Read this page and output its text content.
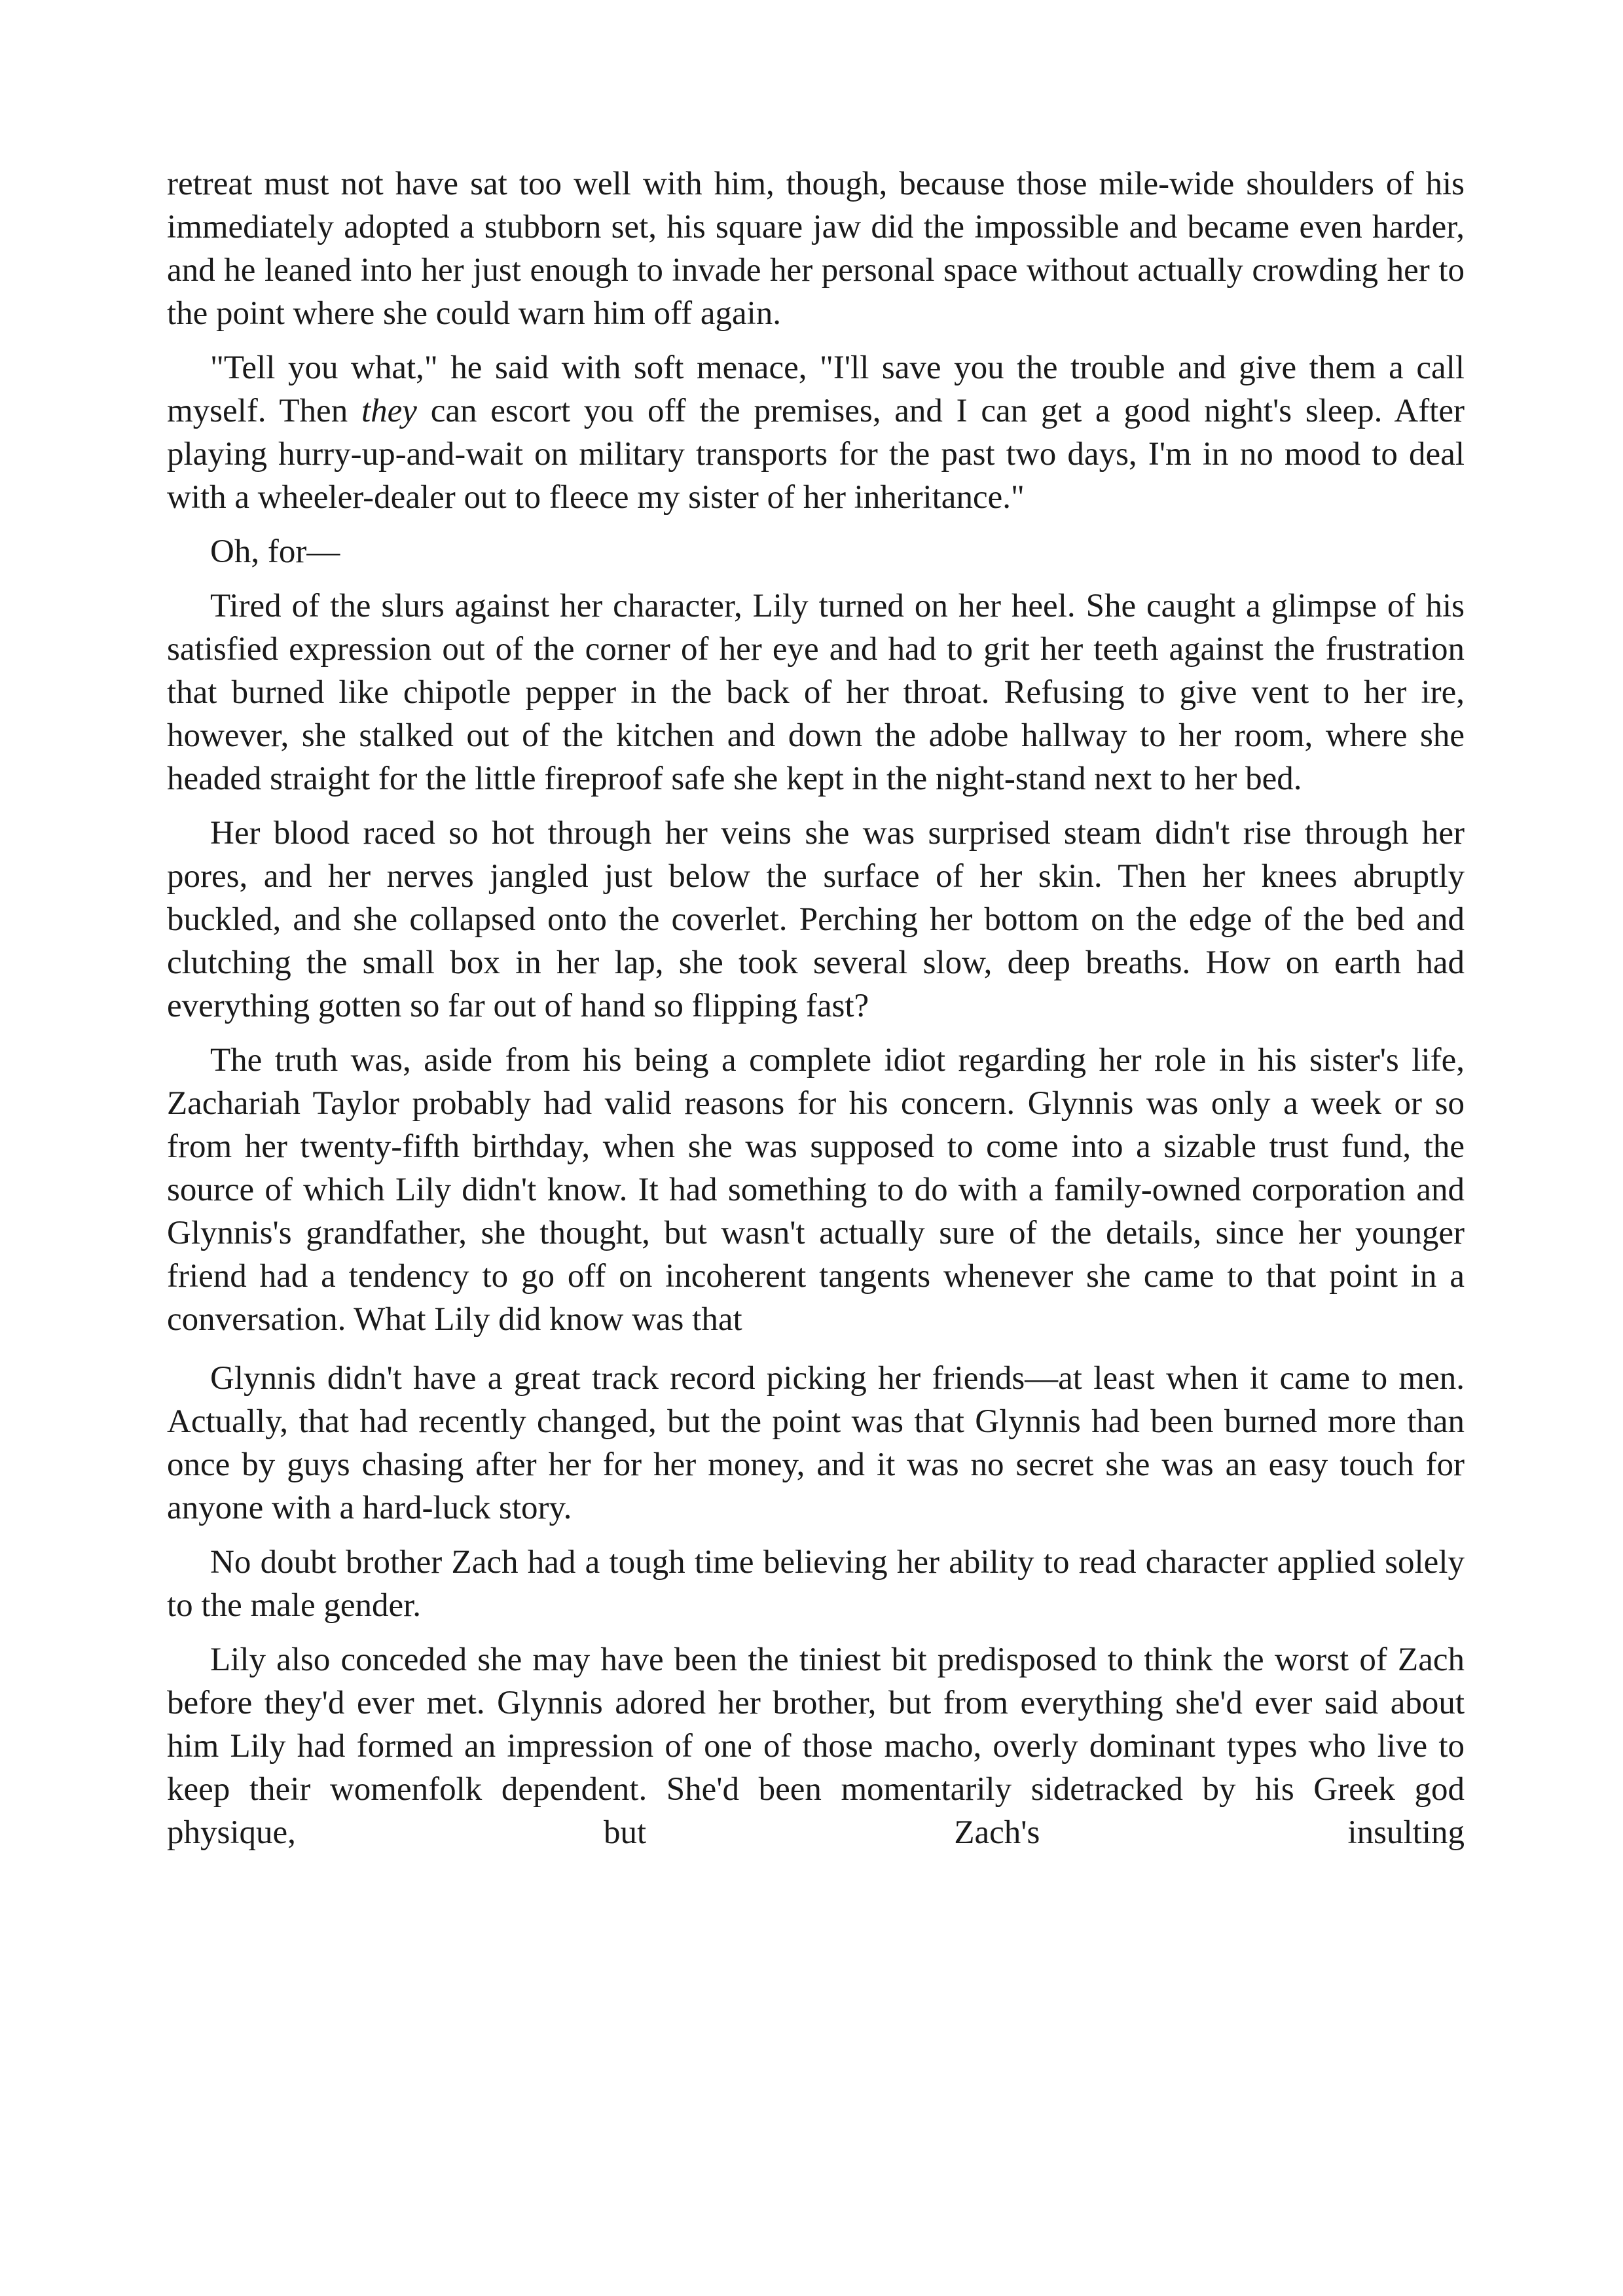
retreat must not have sat too well with him, though, because those mile-wide shoulders of his immediately adopted a stubborn set, his square jaw did the impossible and became even harder, and he leaned into her just enough to invade her personal space without actually crowding her to the point where she could warn him off again.

"Tell you what," he said with soft menace, "I'll save you the trouble and give them a call myself. Then they can escort you off the premises, and I can get a good night's sleep. After playing hurry-up-and-wait on military transports for the past two days, I'm in no mood to deal with a wheeler-dealer out to fleece my sister of her inheritance."

Oh, for—

Tired of the slurs against her character, Lily turned on her heel. She caught a glimpse of his satisfied expression out of the corner of her eye and had to grit her teeth against the frustration that burned like chipotle pepper in the back of her throat. Refusing to give vent to her ire, however, she stalked out of the kitchen and down the adobe hallway to her room, where she headed straight for the little fireproof safe she kept in the night-stand next to her bed.

Her blood raced so hot through her veins she was surprised steam didn't rise through her pores, and her nerves jangled just below the surface of her skin. Then her knees abruptly buckled, and she collapsed onto the coverlet. Perching her bottom on the edge of the bed and clutching the small box in her lap, she took several slow, deep breaths. How on earth had everything gotten so far out of hand so flipping fast?

The truth was, aside from his being a complete idiot regarding her role in his sister's life, Zachariah Taylor probably had valid reasons for his concern. Glynnis was only a week or so from her twenty-fifth birthday, when she was supposed to come into a sizable trust fund, the source of which Lily didn't know. It had something to do with a family-owned corporation and Glynnis's grandfather, she thought, but wasn't actually sure of the details, since her younger friend had a tendency to go off on incoherent tangents whenever she came to that point in a conversation. What Lily did know was that

Glynnis didn't have a great track record picking her friends—at least when it came to men. Actually, that had recently changed, but the point was that Glynnis had been burned more than once by guys chasing after her for her money, and it was no secret she was an easy touch for anyone with a hard-luck story.

No doubt brother Zach had a tough time believing her ability to read character applied solely to the male gender.

Lily also conceded she may have been the tiniest bit predisposed to think the worst of Zach before they'd ever met. Glynnis adored her brother, but from everything she'd ever said about him Lily had formed an impression of one of those macho, overly dominant types who live to keep their womenfolk dependent. She'd been momentarily sidetracked by his Greek god physique, but Zach's insulting
